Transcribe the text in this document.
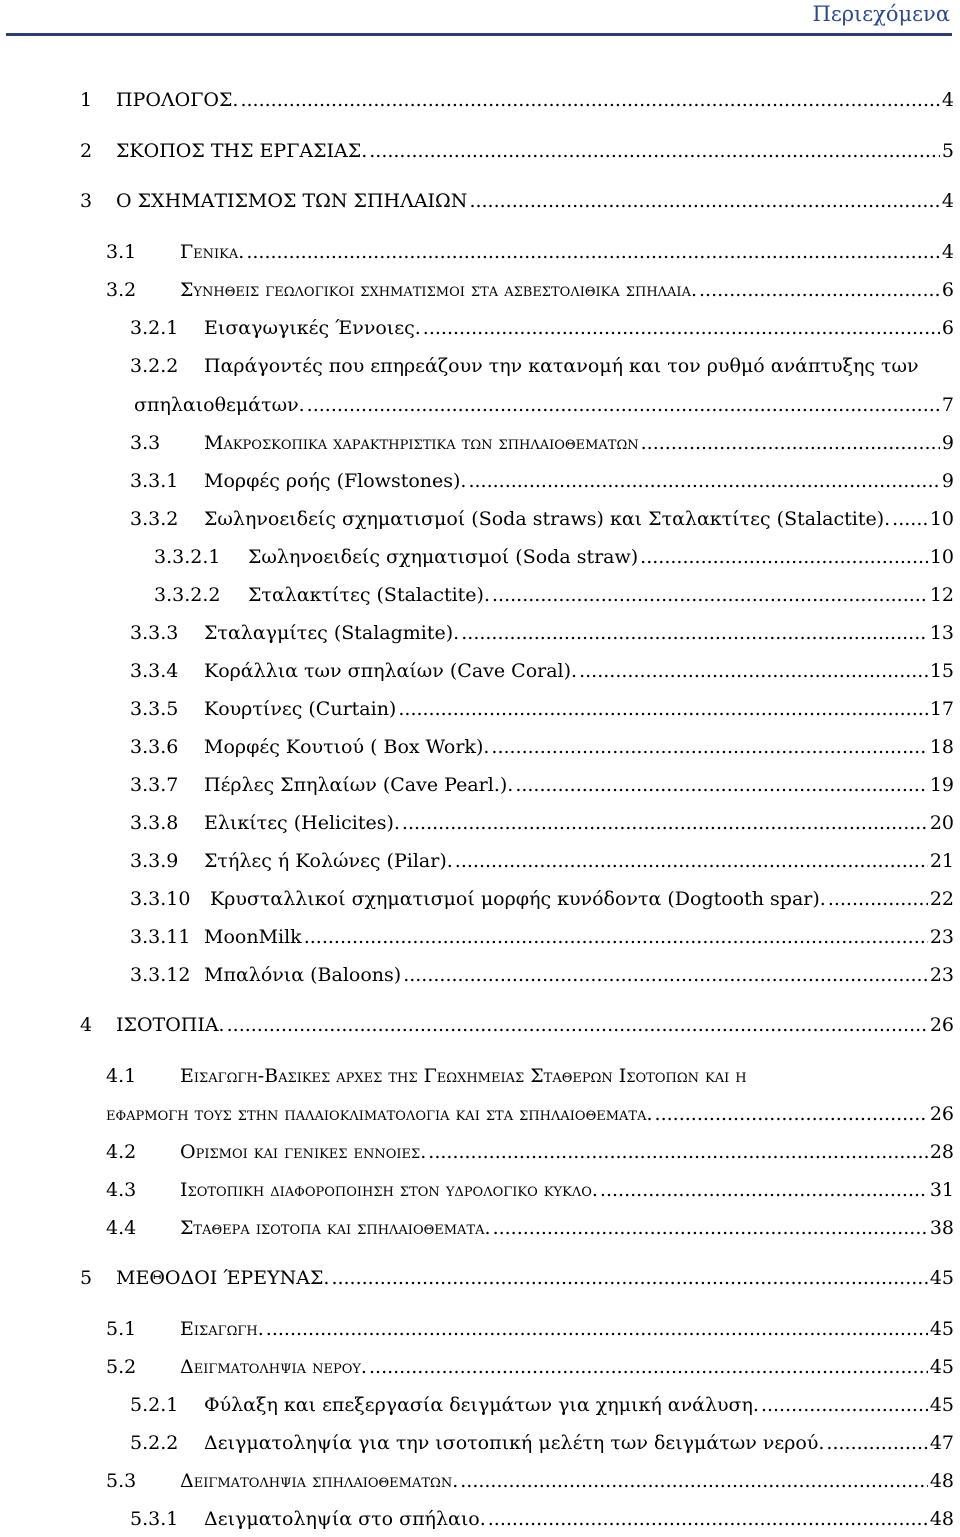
Περιεχόμενα
1	ΠΡΟΛΟΓΟΣ. .....	4
2	ΣΚΟΠΟΣ ΤΗΣ ΕΡΓΑΣΙΑΣ. .....	5
3	Ο ΣΧΗΜΑΤΙΣΜΟΣ ΤΩΝ ΣΠΗΛΑΙΩΝ .....	4
3.1	Γενικα. .....	4
3.2	Συνηθεις γεωλογικοι σχηματισμοι στα ασβεστολιθικα σπηλαια. .....	6
3.2.1	Εισαγωγικές Έννοιες. .....	6
3.2.2	Παράγοντές που επηρεάζουν την κατανομή και τον ρυθμό ανάπτυξης των
σπηλαιοθεμάτων. .....	7
3.3	Μακροσκοπικα χαρακτηριστικα των σπηλαιοθεματων .....	9
3.3.1	Μορφές ροής (Flowstones). .....	9
3.3.2	Σωληνοειδείς σχηματισμοί (Soda straws) και Σταλακτίτες (Stalactite). ..... 10
3.3.2.1	Σωληνοειδείς σχηματισμοί (Soda straw) .....	10
3.3.2.2	Σταλακτίτες (Stalactite). .....	12
3.3.3	Σταλαγμίτες (Stalagmite). .....	13
3.3.4	Κοράλλια των σπηλαίων (Cave Coral). .....	15
3.3.5	Κουρτίνες (Curtain) .....	17
3.3.6	Μορφές Κουτιού ( Box Work). .....	18
3.3.7	Πέρλες Σπηλαίων (Cave Pearl.). .....	19
3.3.8	Ελικίτες (Helicites). .....	20
3.3.9	Στήλες ή Κολώνες (Pilar). .....	21
3.3.10	Κρυσταλλικοί σχηματισμοί μορφής κυνόδοντα (Dogtooth spar). .....	22
3.3.11 MoonMilk .....	23
3.3.12 Μπαλόνια (Baloons) .....	23
4	ΙΣΟΤΟΠΙΑ. .....	26
4.1	Εισαγωγη-Βασικες αρχες της Γεωχημειας Σταθερων Ισοτοπων και η
εφαρμογη τους στην παλαιοκλιματολογια και στα σπηλαιοθεματα. .....	26
4.2	Ορισμοι και γενικες εννοιες. .....	28
4.3	Ισοτοπικη διαφοροποιηση στον υδρολογικο κυκλο. .....	31
4.4	Σταθερα ισοτοπα και σπηλαιοθεματα. .....	38
5	ΜΕΘΟΔΟΙ ΈΡΕΥΝΑΣ. .....	45
5.1	Εισαγωγη. .....	45
5.2	Δειγματοληψια νερου. .....	45
5.2.1	Φύλαξη και επεξεργασία δειγμάτων για χημική ανάλυση. .....	45
5.2.2	Δειγματοληψία για την ισοτοπική μελέτη των δειγμάτων νερού. .....	47
5.3	Δειγματοληψια σπηλαιοθεματων. .....	48
5.3.1	Δειγματοληψία στο σπήλαιο. .....	48
